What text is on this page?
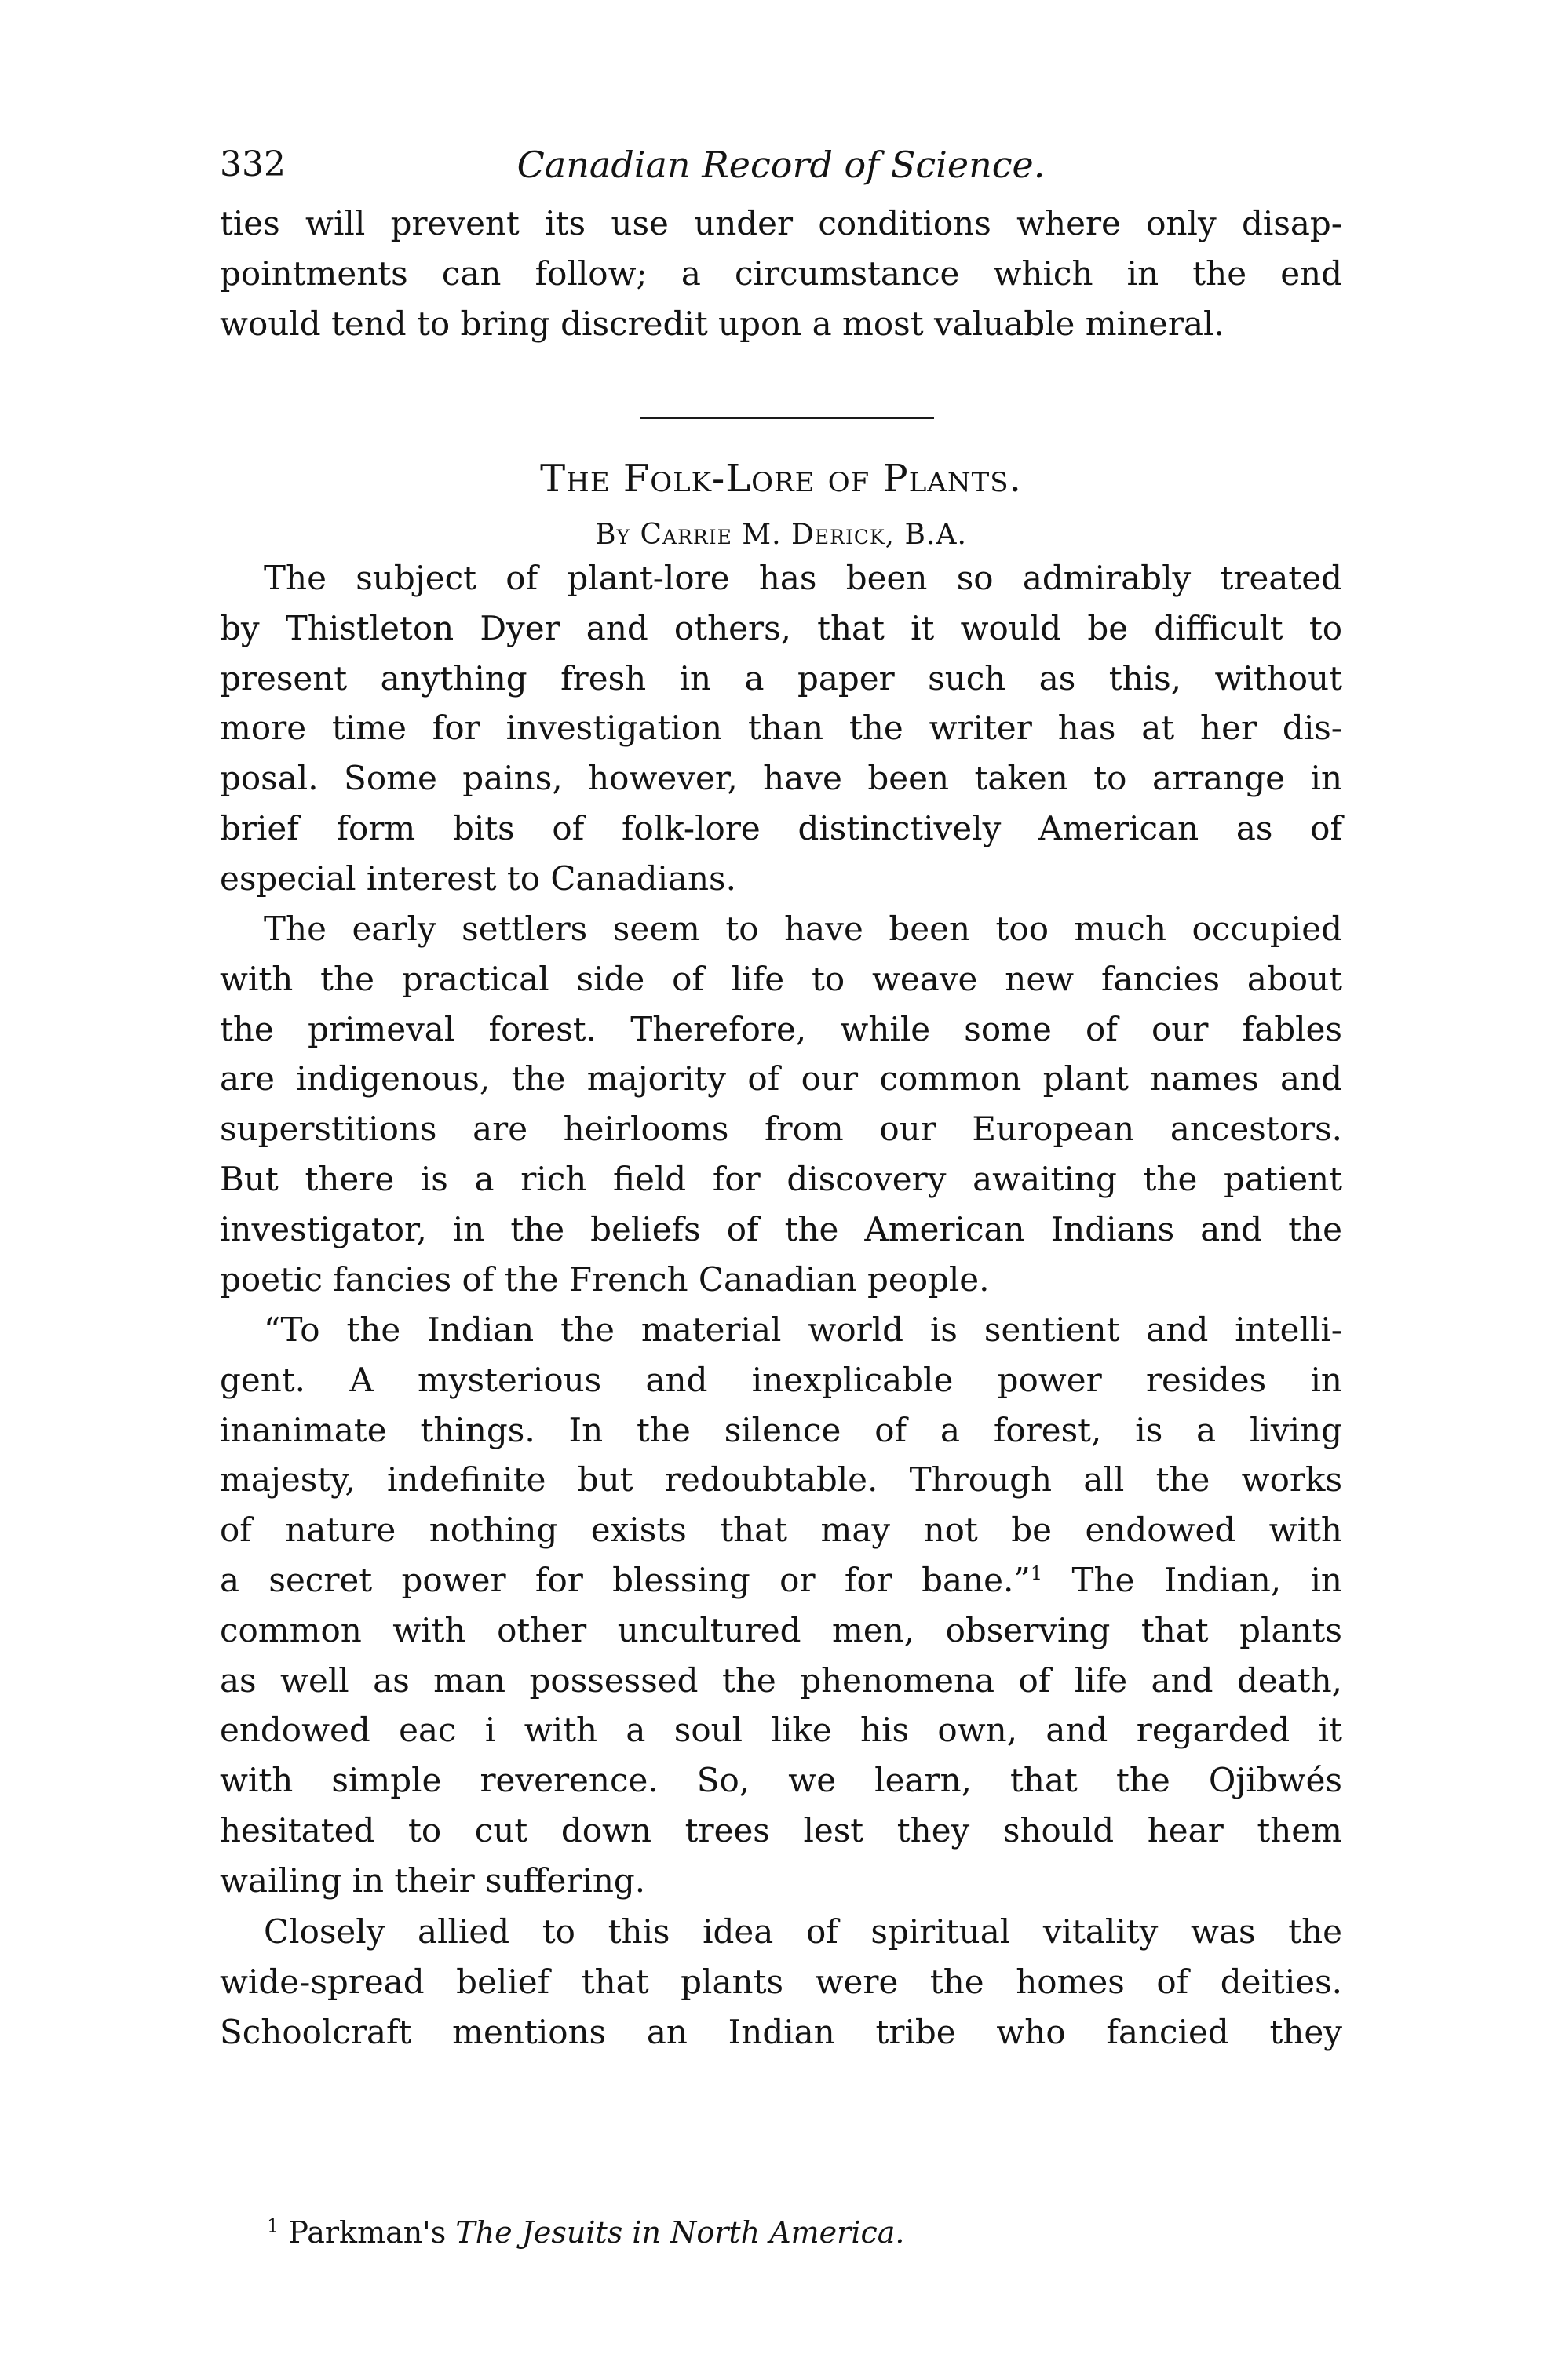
332	Canadian Record of Science.
ties will prevent its use under conditions where only disap-
pointments can follow; a circumstance which in the end
would tend to bring discredit upon a most valuable mineral.
The Folk-Lore of Plants.
By Carrie M. Derick, B.A.
The subject of plant-lore has been so admirably treated
by Thistleton Dyer and others, that it would be difficult to
present anything fresh in a paper such as this, without
more time for investigation than the writer has at her dis-
posal. Some pains, however, have been taken to arrange in
brief form bits of folk-lore distinctively American as of
especial interest to Canadians.
The early settlers seem to have been too much occupied
with the practical side of life to weave new fancies about
the primeval forest. Therefore, while some of our fables
are indigenous, the majority of our common plant names and
superstitions are heirlooms from our European ancestors.
But there is a rich field for discovery awaiting the patient
investigator, in the beliefs of the American Indians and the
poetic fancies of the French Canadian people.
“To the Indian the material world is sentient and intelli-
gent. A mysterious and inexplicable power resides in
inanimate things. In the silence of a forest, is a living
majesty, indefinite but redoubtable. Through all the works
of nature nothing exists that may not be endowed with
a secret power for blessing or for bane.”$^1$ The Indian, in
common with other uncultured men, observing that plants
as well as man possessed the phenomena of life and death,
endowed eac i with a soul like his own, and regarded it
with simple reverence. So, we learn, that the Ojibwés
hesitated to cut down trees lest they should hear them
wailing in their suffering.
Closely allied to this idea of spiritual vitality was the
wide-spread belief that plants were the homes of deities.
Schoolcraft mentions an Indian tribe who fancied they
$^1$ Parkman's The Jesuits in North America.
